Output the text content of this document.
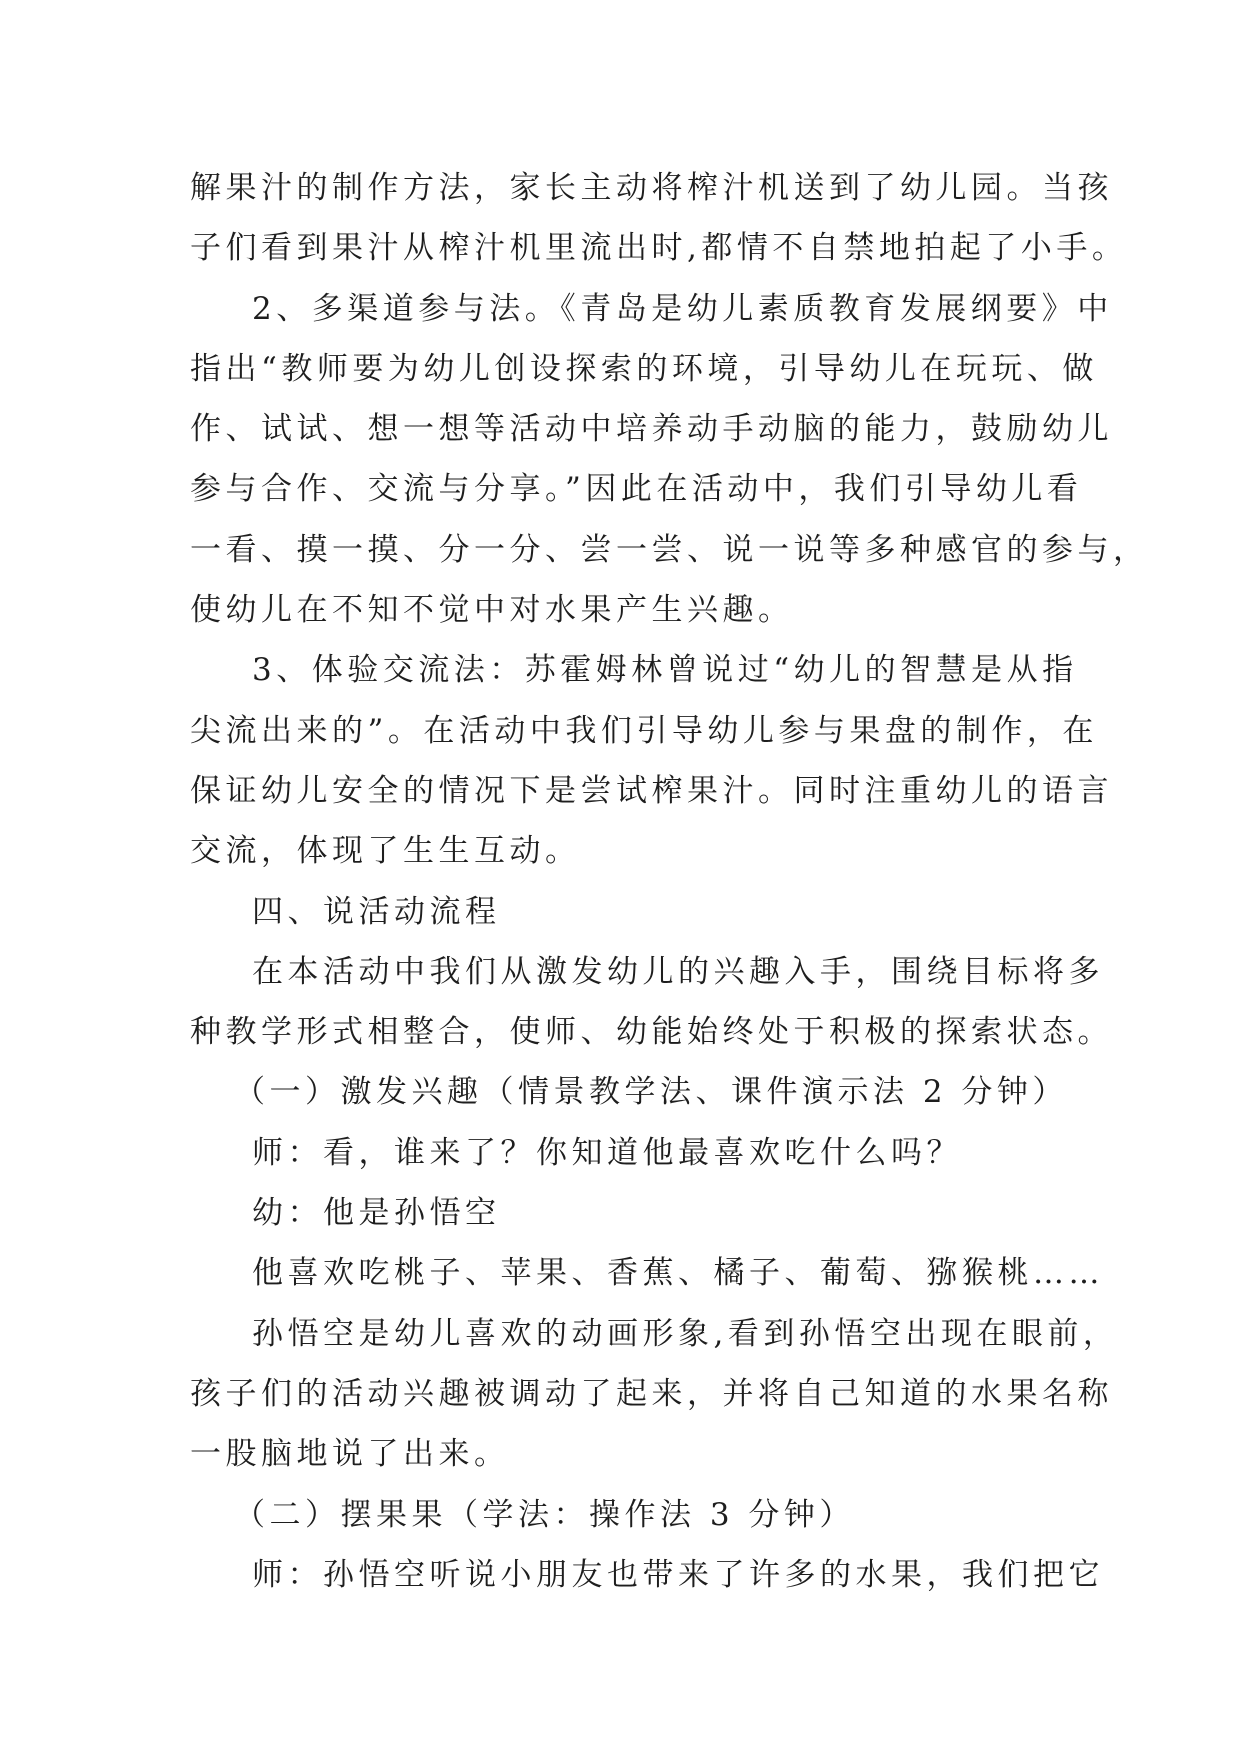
解果汁的制作方法，家长主动将榨汁机送到了幼儿园。当孩
子们看到果汁从榨汁机里流出时,都情不自禁地拍起了小手。
2、多渠道参与法。《青岛是幼儿素质教育发展纲要》中
指出“教师要为幼儿创设探索的环境，引导幼儿在玩玩、做
作、试试、想一想等活动中培养动手动脑的能力，鼓励幼儿
参与合作、交流与分享。”因此在活动中，我们引导幼儿看
一看、摸一摸、分一分、尝一尝、说一说等多种感官的参与，
使幼儿在不知不觉中对水果产生兴趣。
3、体验交流法：苏霍姆林曾说过“幼儿的智慧是从指
尖流出来的”。在活动中我们引导幼儿参与果盘的制作，在
保证幼儿安全的情况下是尝试榨果汁。同时注重幼儿的语言
交流，体现了生生互动。
四、说活动流程
在本活动中我们从激发幼儿的兴趣入手，围绕目标将多
种教学形式相整合，使师、幼能始终处于积极的探索状态。
（一）激发兴趣（情景教学法、课件演示法 2 分钟）
师：看，谁来了？你知道他最喜欢吃什么吗？
幼：他是孙悟空
他喜欢吃桃子、苹果、香蕉、橘子、葡萄、猕猴桃……
孙悟空是幼儿喜欢的动画形象,看到孙悟空出现在眼前，
孩子们的活动兴趣被调动了起来，并将自己知道的水果名称
一股脑地说了出来。
（二）摆果果（学法：操作法 3 分钟）
师：孙悟空听说小朋友也带来了许多的水果，我们把它
